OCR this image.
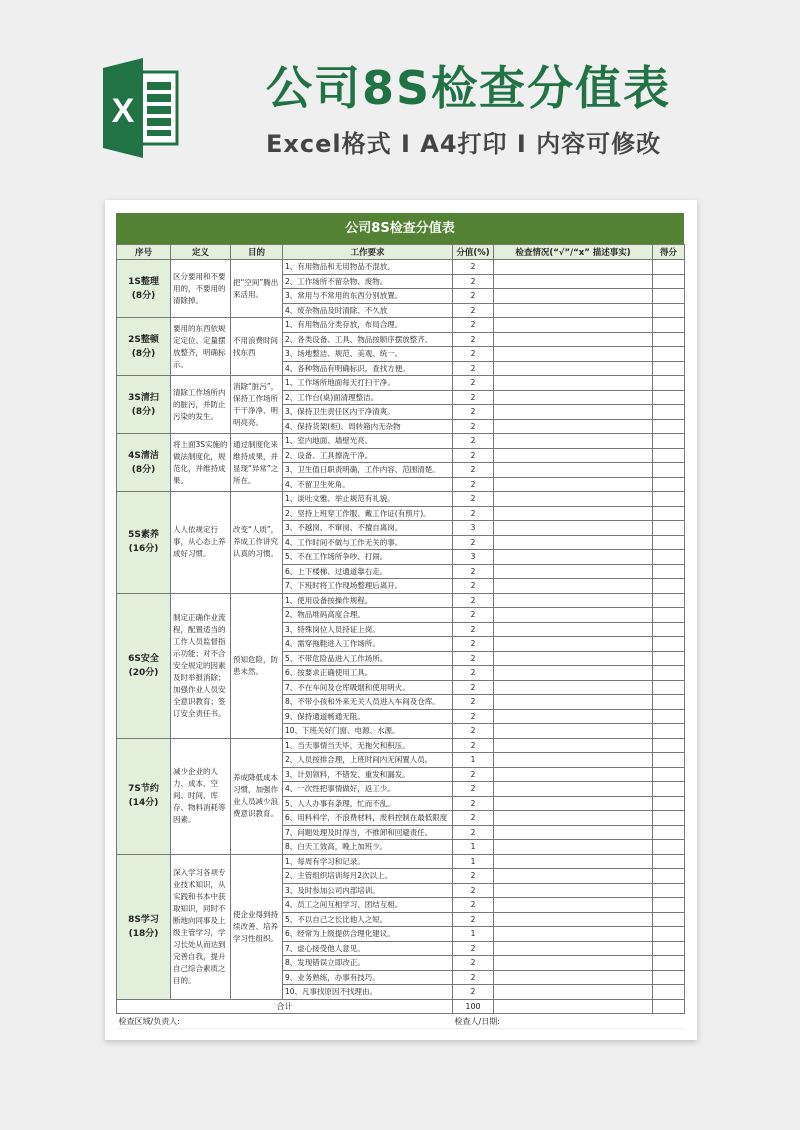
X	公司8S检查分值表
Excel格式 I A4打印 I 内容可修改
公司8S检查分值表
序号	定义	目的	工作要求	分值(%)	检查情况(“√”/“x” 描述事实)	得分

1S整理
(8分)	区分要用和不要用的，不要用的清除掉。	把“空间”腾出来活用。	1、有用物品和无用物品不混放。	2		
			2、工作场所不留杂物、废物。	2		
			3、常用与不常用的东西分别放置。	2		
			4、废杂物品及时清除、不久放	2		

2S整顿
(8分)	要用的东西依规定定位、定量摆放整齐，明确标示。	不用浪费时间找东西	1、有用物品分类存放，布局合理。	2		
			2、各类设备、工具、物品按顺序摆放整齐。	2		
			3、场地整洁、规范、美观、统一。	2		
			4、各种物品有明确标识，查找方便。	2		

3S清扫
(8分)	清除工作场所内的脏污，并防止污染的发生。	消除“脏污”，保持工作场所干干净净、明明亮亮。	1、工作场所地面每天打扫干净。	2		
			2、工作台(桌)面清理整洁。	2		
			3、保持卫生责任区内干净清爽。	2		
			4、保持货架(柜)、周转箱内无杂物	2		

4S清洁
(8分)	将上面3S实施的做法制度化，规范化，并维持成果。	通过制度化来维持成果，并显现“异常”之所在。	1、室内地面、墙壁光亮。	2		
			2、设备、工具擦洗干净。	2		
			3、卫生值日职责明确，工作内容、范围清楚。	2		
			4、不留卫生死角。	2		

5S素养
(16分)	人人依规定行事，从心态上养成好习惯。	改变“人质”，养成工作讲究认真的习惯。	1、谈吐文雅、举止规范有礼貌。	2		
			2、坚持上班穿工作服、戴工作证(有照片)。	2		
			3、不越岗、不窜岗、不擅自离岗。	3		
			4、工作时间不做与工作无关的事。	2		
			5、不在工作场所争吵、打闹。	3		
			6、上下楼梯、过通道靠右走。	2		
			7、下班时将工作现场整理后离开。	2		

6S安全
(20分)	制定正确作业流程，配置适当的工作人员监督指示功能；对不合安全规定的因素及时举报消除；加强作业人员安全意识教育；签订安全责任书。	预知危险，防患未然。	1、使用设备按操作规程。	2		
			2、物品堆码高度合理。	2		
			3、特殊岗位人员持证上岗。	2		
			4、需穿拖鞋进入工作场所。	2		
			5、不带危险品进入工作场所。	2		
			6、按要求正确使用工具。	2		
			7、不在车间及仓库吸烟和使用明火。	2		
			8、不带小孩和外来无关人员进入车间及仓库。	2		
			9、保持通道畅通无阻。	2		
			10、下班关好门窗、电源、水源。	2		

7S节约
(14分)	减少企业的人力、成本、空间、时间、库存、物料消耗等因素。	养成降低成本习惯，加强作业人员减少浪费意识教育。	1、当天事情当天毕，无拖欠和积压。	2		
			2、人员按排合理，上班时间内无闲置人员。	1		
			3、计划领料，不错发、重发和漏发。	2		
			4、一次性把事情做好，返工少。	2		
			5、人人办事有条理，忙而不乱。	2		
			6、用料科学，不浪费材料，废料控制在最低限度	2		
			7、问题处理及时得当，不推卸和回避责任。	2		
			8、白天工效高，晚上加班少。	1		

8S学习
(18分)	深入学习各项专业技术知识，从实践和书本中获取知识，同时不断地向同事及上级主管学习，学习长处从而达到完善自我，提升自己综合素质之目的。	使企业得到持续改善、培养学习性组织。	1、每周有学习和记录。	1		
			2、主管组织培训每月2次以上。	2		
			3、及时参加公司内部培训。	2		
			4、员工之间互相学习、团结互相。	2		
			5、不以自己之长比他人之短。	2		
			6、经常为上级提供合理化建议。	1		
			7、虚心接受他人意见。	2		
			8、发现错误立即改正。	2		
			9、业务熟练，办事有技巧。	2		
			10、凡事找原因不找理由。	2		
合计				100		
检查区域/负责人:				检查人/日期:		
